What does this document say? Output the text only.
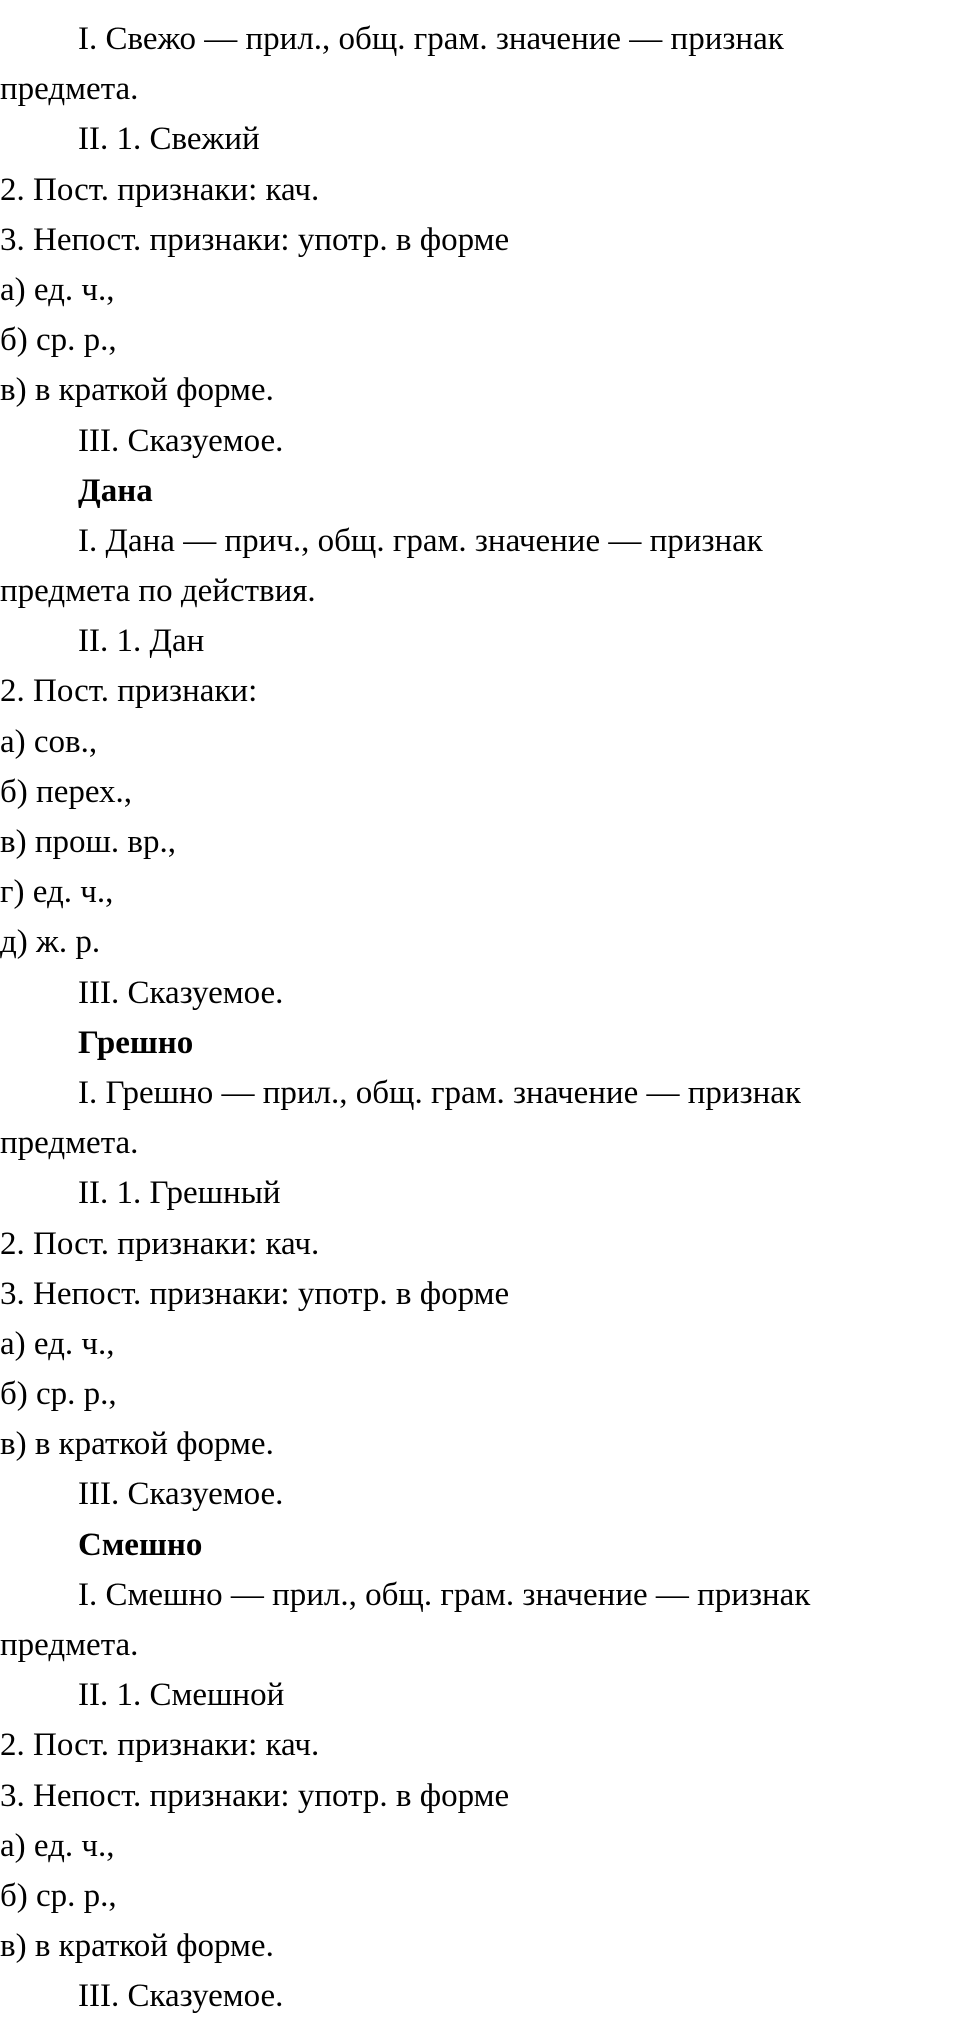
I. Свежо — прил., общ. грам. значение — признак
предмета.
II. 1. Свежий
2. Пост. признаки: кач.
3. Непост. признаки: употр. в форме
а) ед. ч.,
б) ср. р.,
в) в краткой форме.
III. Сказуемое.
Дана
I. Дана — прич., общ. грам. значение — признак
предмета по действия.
II. 1. Дан
2. Пост. признаки:
а) сов.,
б) перех.,
в) прош. вр.,
г) ед. ч.,
д) ж. р.
III. Сказуемое.
Грешно
I. Грешно — прил., общ. грам. значение — признак
предмета.
II. 1. Грешный
2. Пост. признаки: кач.
3. Непост. признаки: употр. в форме
а) ед. ч.,
б) ср. р.,
в) в краткой форме.
III. Сказуемое.
Смешно
I. Смешно — прил., общ. грам. значение — признак
предмета.
II. 1. Смешной
2. Пост. признаки: кач.
3. Непост. признаки: употр. в форме
а) ед. ч.,
б) ср. р.,
в) в краткой форме.
III. Сказуемое.
